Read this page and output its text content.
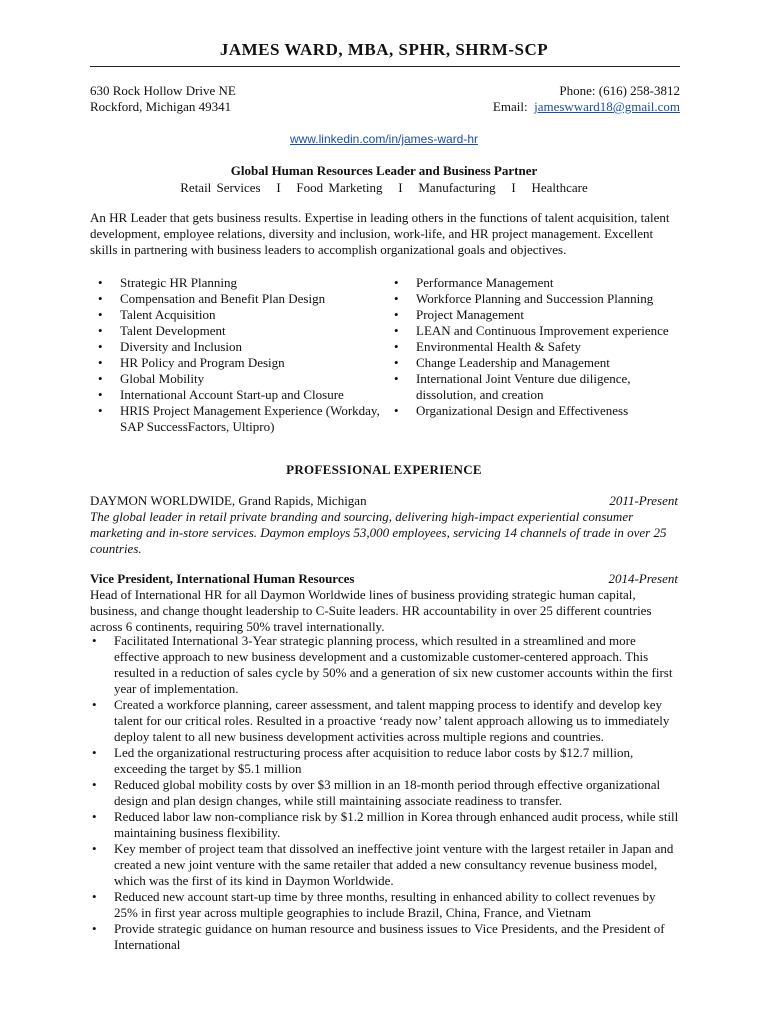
JAMES WARD, MBA, SPHR, SHRM-SCP
630 Rock Hollow Drive NE
Rockford, Michigan 49341
Phone: (616) 258-3812
Email: jameswward18@gmail.com
www.linkedin.com/in/james-ward-hr
Global Human Resources Leader and Business Partner
Retail Services   I   Food Marketing   I   Manufacturing   I   Healthcare
An HR Leader that gets business results. Expertise in leading others in the functions of talent acquisition, talent development, employee relations, diversity and inclusion, work-life, and HR project management. Excellent skills in partnering with business leaders to accomplish organizational goals and objectives.
• Strategic HR Planning
• Compensation and Benefit Plan Design
• Talent Acquisition
• Talent Development
• Diversity and Inclusion
• HR Policy and Program Design
• Global Mobility
• International Account Start-up and Closure
• HRIS Project Management Experience (Workday, SAP SuccessFactors, Ultipro)
• Performance Management
• Workforce Planning and Succession Planning
• Project Management
• LEAN and Continuous Improvement experience
• Environmental Health & Safety
• Change Leadership and Management
• International Joint Venture due diligence, dissolution, and creation
• Organizational Design and Effectiveness
PROFESSIONAL EXPERIENCE
DAYMON WORLDWIDE, Grand Rapids, Michigan	2011-Present
The global leader in retail private branding and sourcing, delivering high-impact experiential consumer marketing and in-store services. Daymon employs 53,000 employees, servicing 14 channels of trade in over 25 countries.
Vice President, International Human Resources	2014-Present
Head of International HR for all Daymon Worldwide lines of business providing strategic human capital, business, and change thought leadership to C-Suite leaders. HR accountability in over 25 different countries across 6 continents, requiring 50% travel internationally.
• Facilitated International 3-Year strategic planning process, which resulted in a streamlined and more effective approach to new business development and a customizable customer-centered approach. This resulted in a reduction of sales cycle by 50% and a generation of six new customer accounts within the first year of implementation.
• Created a workforce planning, career assessment, and talent mapping process to identify and develop key talent for our critical roles. Resulted in a proactive ‘ready now’ talent approach allowing us to immediately deploy talent to all new business development activities across multiple regions and countries.
• Led the organizational restructuring process after acquisition to reduce labor costs by $12.7 million, exceeding the target by $5.1 million
• Reduced global mobility costs by over $3 million in an 18-month period through effective organizational design and plan design changes, while still maintaining associate readiness to transfer.
• Reduced labor law non-compliance risk by $1.2 million in Korea through enhanced audit process, while still maintaining business flexibility.
• Key member of project team that dissolved an ineffective joint venture with the largest retailer in Japan and created a new joint venture with the same retailer that added a new consultancy revenue business model, which was the first of its kind in Daymon Worldwide.
• Reduced new account start-up time by three months, resulting in enhanced ability to collect revenues by 25% in first year across multiple geographies to include Brazil, China, France, and Vietnam
• Provide strategic guidance on human resource and business issues to Vice Presidents, and the President of International
